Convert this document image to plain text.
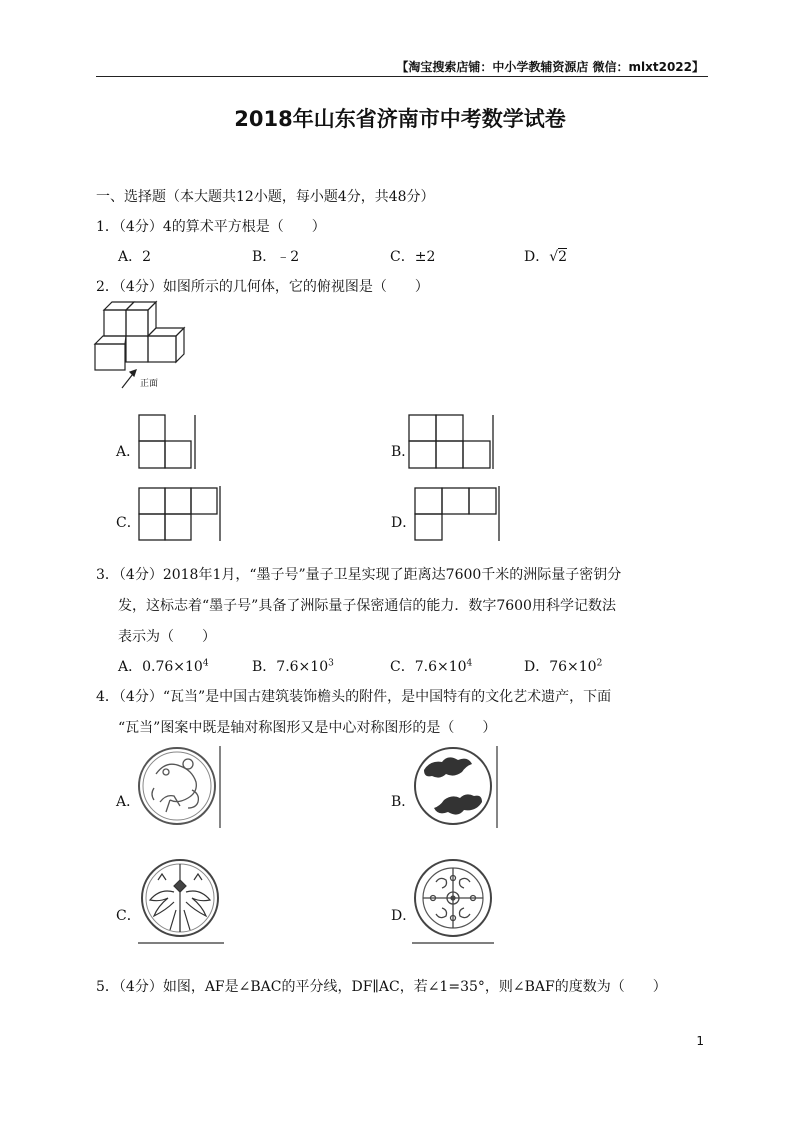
【淘宝搜索店铺：中小学教辅资源店 微信：mlxt2022】
2018年山东省济南市中考数学试卷
一、选择题（本大题共12小题，每小题4分，共48分）
1．（4分）4的算术平方根是（　　）
A．2	B．﹣2	C．±2	D．√2
2．（4分）如图所示的几何体，它的俯视图是（　　）
正面
A．	B．
C．	D．
3．（4分）2018年1月，“墨子号”量子卫星实现了距离达7600千米的洲际量子密钥分
发，这标志着“墨子号”具备了洲际量子保密通信的能力．数字7600用科学记数法
表示为（　　）
A．$0.76\times 10^4$	B．$7.6\times 10^3$	C．$7.6\times 10^4$	D．$76\times 10^2$
4．（4分）“瓦当”是中国古建筑装饰檐头的附件，是中国特有的文化艺术遗产，下面
“瓦当”图案中既是轴对称图形又是中心对称图形的是（　　）
A．	B．
C．	D．
5．（4分）如图，AF是∠BAC的平分线，DF∥AC，若∠1=35°，则∠BAF的度数为（　　）
1
